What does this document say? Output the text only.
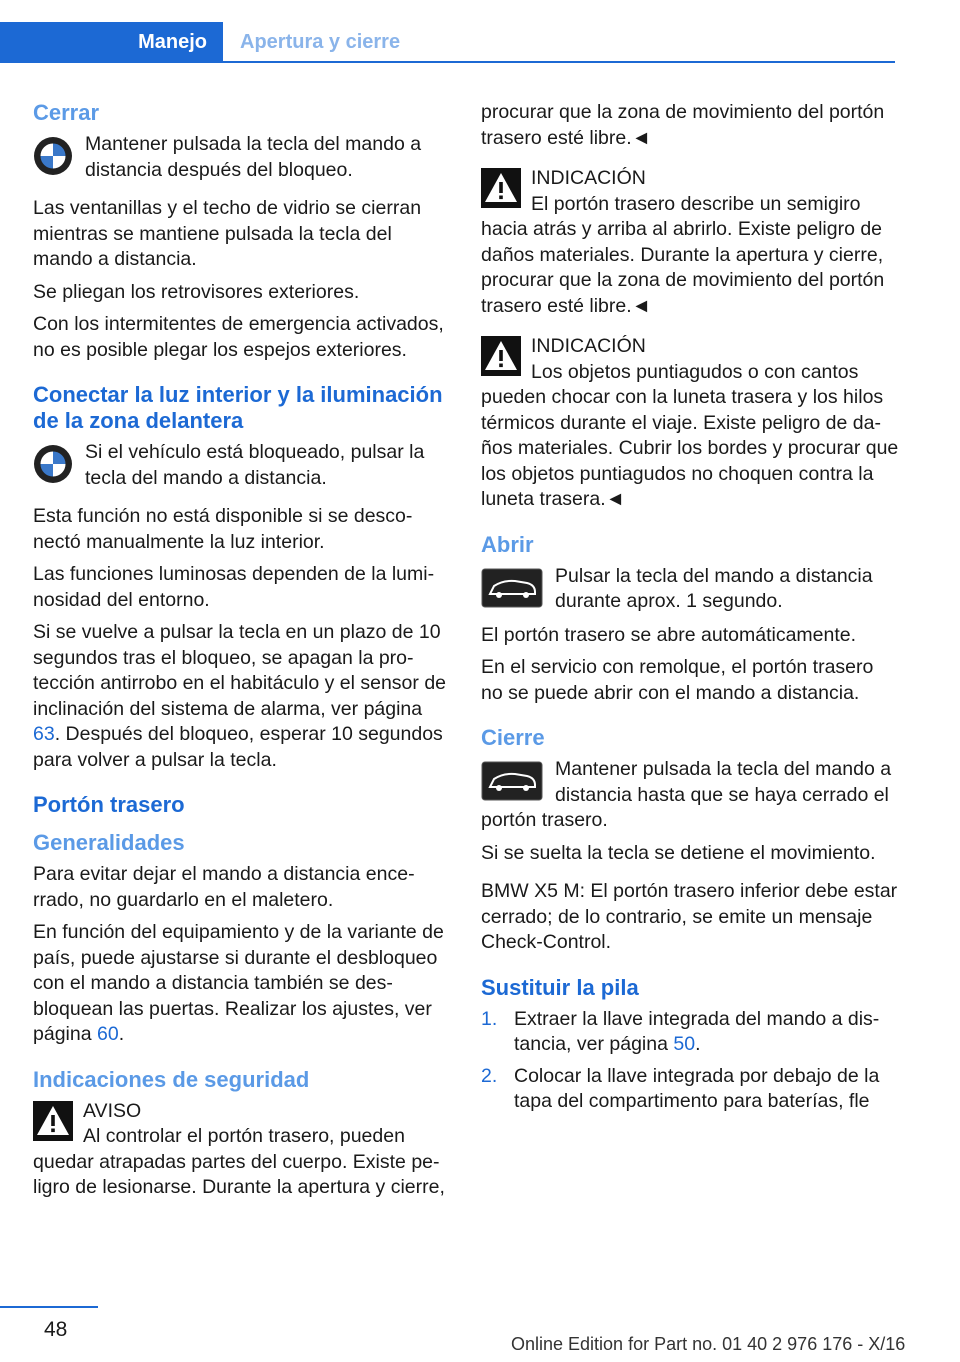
Manejo	Apertura y cierre
Cerrar
Mantener pulsada la tecla del mando a distancia después del bloqueo.

Las ventanillas y el techo de vidrio se cierran mientras se mantiene pulsada la tecla del mando a distancia.

Se pliegan los retrovisores exteriores.

Con los intermitentes de emergencia activados, no es posible plegar los espejos exteriores.

Conectar la luz interior y la iluminación de la zona delantera
Si el vehículo está bloqueado, pulsar la tecla del mando a distancia.

Esta función no está disponible si se desconectó manualmente la luz interior.

Las funciones luminosas dependen de la luminosidad del entorno.

Si se vuelve a pulsar la tecla en un plazo de 10 segundos tras el bloqueo, se apagan la protección antirrobo en el habitáculo y el sensor de inclinación del sistema de alarma, ver página 63. Después del bloqueo, esperar 10 segundos para volver a pulsar la tecla.

Portón trasero
Generalidades

Para evitar dejar el mando a distancia encerrado, no guardarlo en el maletero.

En función del equipamiento y de la variante de país, puede ajustarse si durante el desbloqueo con el mando a distancia también se desbloquean las puertas. Realizar los ajustes, ver página 60.

Indicaciones de seguridad
AVISO
Al controlar el portón trasero, pueden quedar atrapadas partes del cuerpo. Existe peligro de lesionarse. Durante la apertura y cierre,

procurar que la zona de movimiento del portón trasero esté libre.◄

INDICACIÓN
El portón trasero describe un semigiro hacia atrás y arriba al abrirlo. Existe peligro de daños materiales. Durante la apertura y cierre, procurar que la zona de movimiento del portón trasero esté libre.◄
INDICACIÓN
Los objetos puntiagudos o con cantos pueden chocar con la luneta trasera y los hilos térmicos durante el viaje. Existe peligro de daños materiales. Cubrir los bordes y procurar que los objetos puntiagudos no choquen contra la luneta trasera.◄
Abrir
Pulsar la tecla del mando a distancia durante aprox. 1 segundo.

El portón trasero se abre automáticamente.

En el servicio con remolque, el portón trasero no se puede abrir con el mando a distancia.

Cierre
Mantener pulsada la tecla del mando a distancia hasta que se haya cerrado el portón trasero.

Si se suelta la tecla se detiene el movimiento.

BMW X5 M: El portón trasero inferior debe estar cerrado; de lo contrario, se emite un mensaje Check-Control.

Sustituir la pila
1. Extraer la llave integrada del mando a distancia, ver página 50.
2. Colocar la llave integrada por debajo de la tapa del compartimento para baterías, fle
48
Online Edition for Part no. 01 40 2 976 176 - X/16
